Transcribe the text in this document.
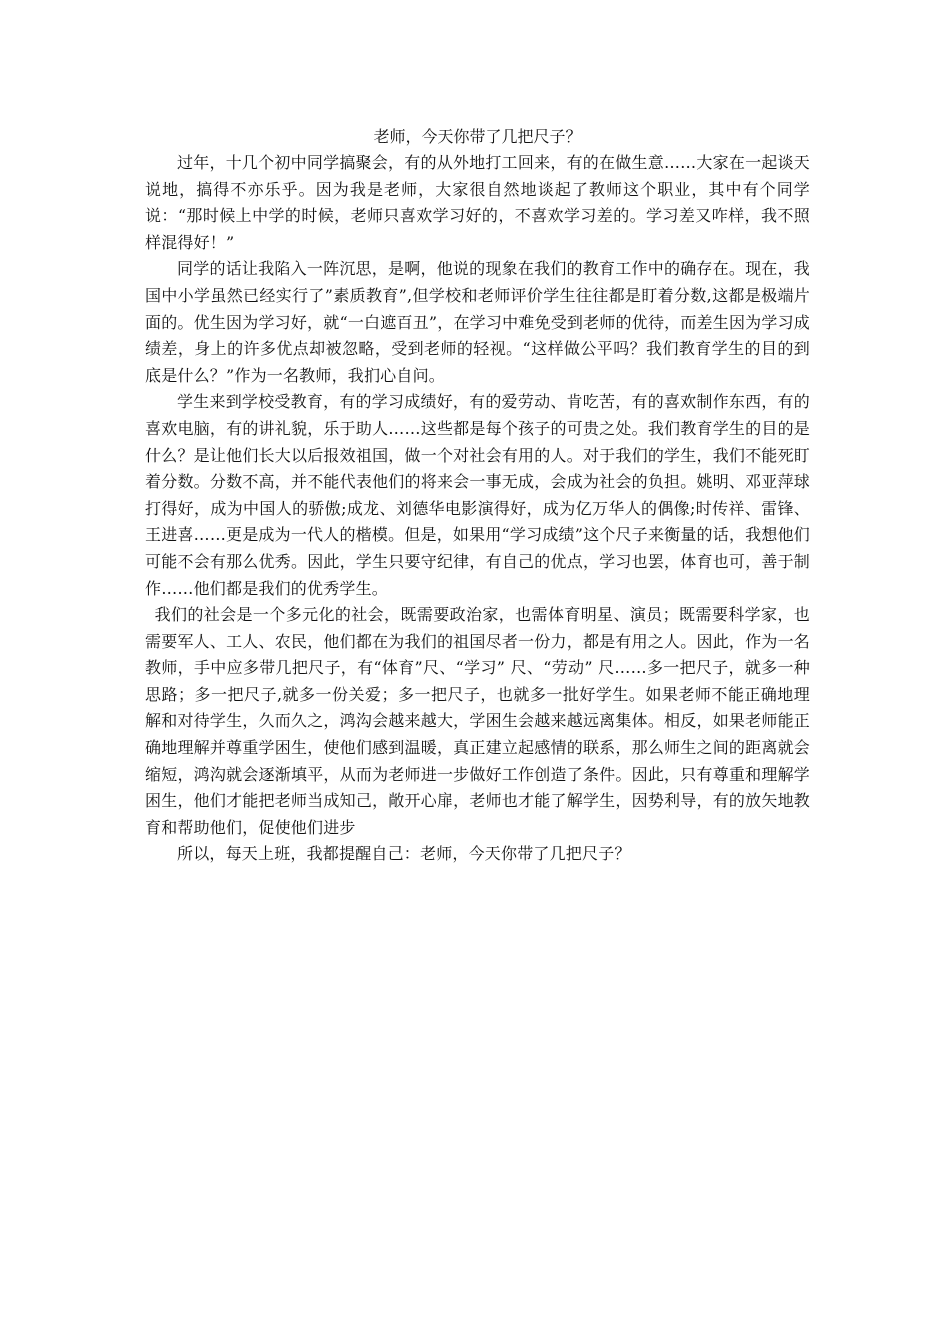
老师，今天你带了几把尺子？

过年，十几个初中同学搞聚会，有的从外地打工回来，有的在做生意……大家在一起谈天说地，搞得不亦乐乎。因为我是老师，大家很自然地谈起了教师这个职业，其中有个同学说：“那时候上中学的时候，老师只喜欢学习好的，不喜欢学习差的。学习差又咋样，我不照样混得好！”

同学的话让我陷入一阵沉思，是啊，他说的现象在我们的教育工作中的确存在。现在，我国中小学虽然已经实行了”素质教育”,但学校和老师评价学生往往都是盯着分数,这都是极端片面的。优生因为学习好，就“一白遮百丑”，在学习中难免受到老师的优待，而差生因为学习成绩差，身上的许多优点却被忽略，受到老师的轻视。“这样做公平吗？我们教育学生的目的到底是什么？”作为一名教师，我扪心自问。

学生来到学校受教育，有的学习成绩好，有的爱劳动、肯吃苦，有的喜欢制作东西，有的喜欢电脑，有的讲礼貌，乐于助人……这些都是每个孩子的可贵之处。我们教育学生的目的是什么？是让他们长大以后报效祖国，做一个对社会有用的人。对于我们的学生，我们不能死盯着分数。分数不高，并不能代表他们的将来会一事无成，会成为社会的负担。姚明、邓亚萍球打得好，成为中国人的骄傲;成龙、刘德华电影演得好，成为亿万华人的偶像;时传祥、雷锋、王进喜……更是成为一代人的楷模。但是，如果用“学习成绩”这个尺子来衡量的话，我想他们可能不会有那么优秀。因此，学生只要守纪律，有自己的优点，学习也罢，体育也可，善于制作……他们都是我们的优秀学生。

我们的社会是一个多元化的社会，既需要政治家，也需体育明星、演员；既需要科学家，也需要军人、工人、农民，他们都在为我们的祖国尽者一份力，都是有用之人。因此，作为一名教师，手中应多带几把尺子，有“体育”尺、“学习” 尺、“劳动” 尺……多一把尺子，就多一种思路；多一把尺子,就多一份关爱；多一把尺子，也就多一批好学生。如果老师不能正确地理解和对待学生，久而久之，鸿沟会越来越大，学困生会越来越远离集体。相反，如果老师能正确地理解并尊重学困生，使他们感到温暖，真正建立起感情的联系，那么师生之间的距离就会缩短，鸿沟就会逐渐填平，从而为老师进一步做好工作创造了条件。因此，只有尊重和理解学困生，他们才能把老师当成知己，敞开心扉，老师也才能了解学生，因势利导，有的放矢地教育和帮助他们，促使他们进步

所以，每天上班，我都提醒自己：老师，今天你带了几把尺子？
